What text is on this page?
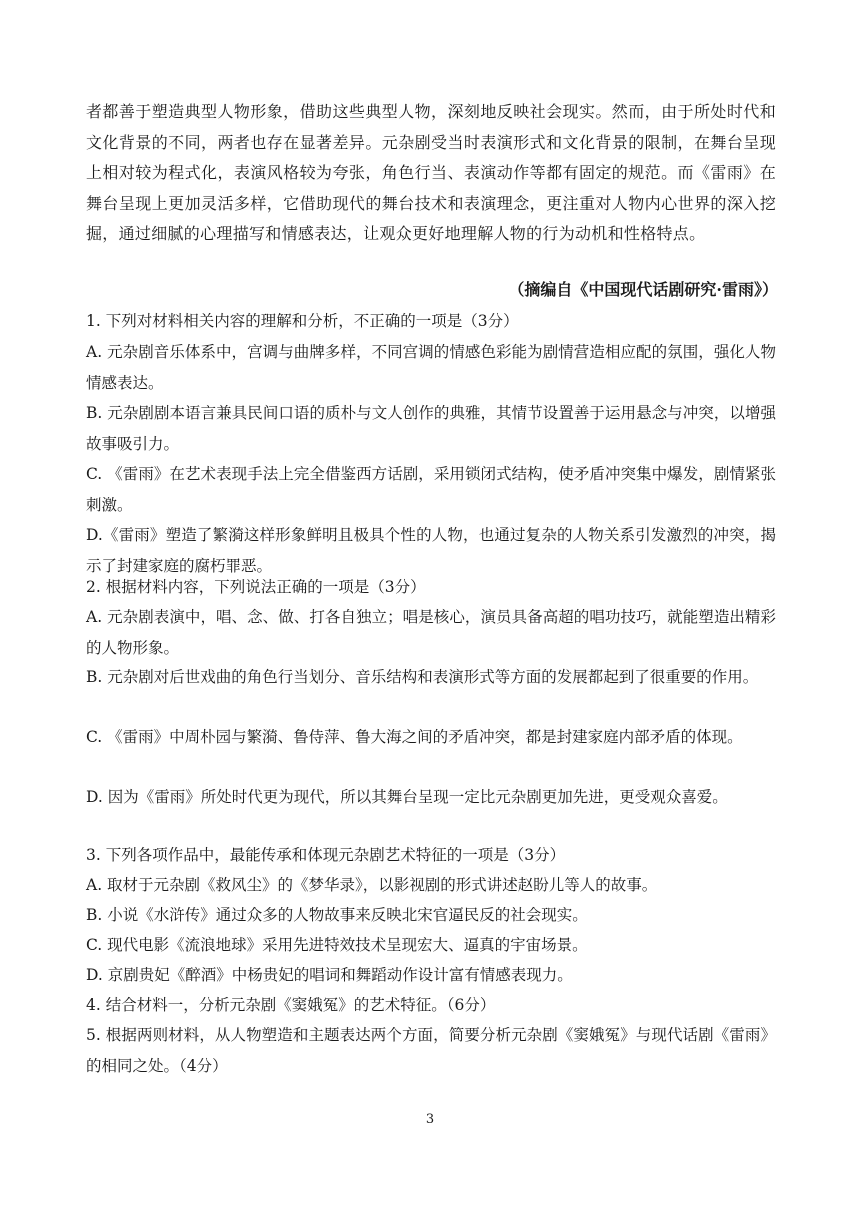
者都善于塑造典型人物形象，借助这些典型人物，深刻地反映社会现实。然而，由于所处时代和文化背景的不同，两者也存在显著差异。元杂剧受当时表演形式和文化背景的限制，在舞台呈现上相对较为程式化，表演风格较为夸张，角色行当、表演动作等都有固定的规范。而《雷雨》在舞台呈现上更加灵活多样，它借助现代的舞台技术和表演理念，更注重对人物内心世界的深入挖掘，通过细腻的心理描写和情感表达，让观众更好地理解人物的行为动机和性格特点。
（摘编自《中国现代话剧研究·雷雨》）
1. 下列对材料相关内容的理解和分析，不正确的一项是（3分）
A. 元杂剧音乐体系中，宫调与曲牌多样，不同宫调的情感色彩能为剧情营造相应配的氛围，强化人物情感表达。
B. 元杂剧剧本语言兼具民间口语的质朴与文人创作的典雅，其情节设置善于运用悬念与冲突，以增强故事吸引力。
C. 《雷雨》在艺术表现手法上完全借鉴西方话剧，采用锁闭式结构，使矛盾冲突集中爆发，剧情紧张刺激。
D.《雷雨》塑造了繁漪这样形象鲜明且极具个性的人物，也通过复杂的人物关系引发激烈的冲突，揭示了封建家庭的腐朽罪恶。
2. 根据材料内容，下列说法正确的一项是（3分）
A. 元杂剧表演中，唱、念、做、打各自独立；唱是核心，演员具备高超的唱功技巧，就能塑造出精彩的人物形象。
B. 元杂剧对后世戏曲的角色行当划分、音乐结构和表演形式等方面的发展都起到了很重要的作用。
C. 《雷雨》中周朴园与繁漪、鲁侍萍、鲁大海之间的矛盾冲突，都是封建家庭内部矛盾的体现。
D. 因为《雷雨》所处时代更为现代，所以其舞台呈现一定比元杂剧更加先进，更受观众喜爱。
3. 下列各项作品中，最能传承和体现元杂剧艺术特征的一项是（3分）
A. 取材于元杂剧《救风尘》的《梦华录》，以影视剧的形式讲述赵盼儿等人的故事。
B. 小说《水浒传》通过众多的人物故事来反映北宋官逼民反的社会现实。
C. 现代电影《流浪地球》采用先进特效技术呈现宏大、逼真的宇宙场景。
D. 京剧贵妃《醉酒》中杨贵妃的唱词和舞蹈动作设计富有情感表现力。
4. 结合材料一，分析元杂剧《窦娥冤》的艺术特征。（6分）
5. 根据两则材料，从人物塑造和主题表达两个方面，简要分析元杂剧《窦娥冤》与现代话剧《雷雨》的相同之处。（4分）
3
